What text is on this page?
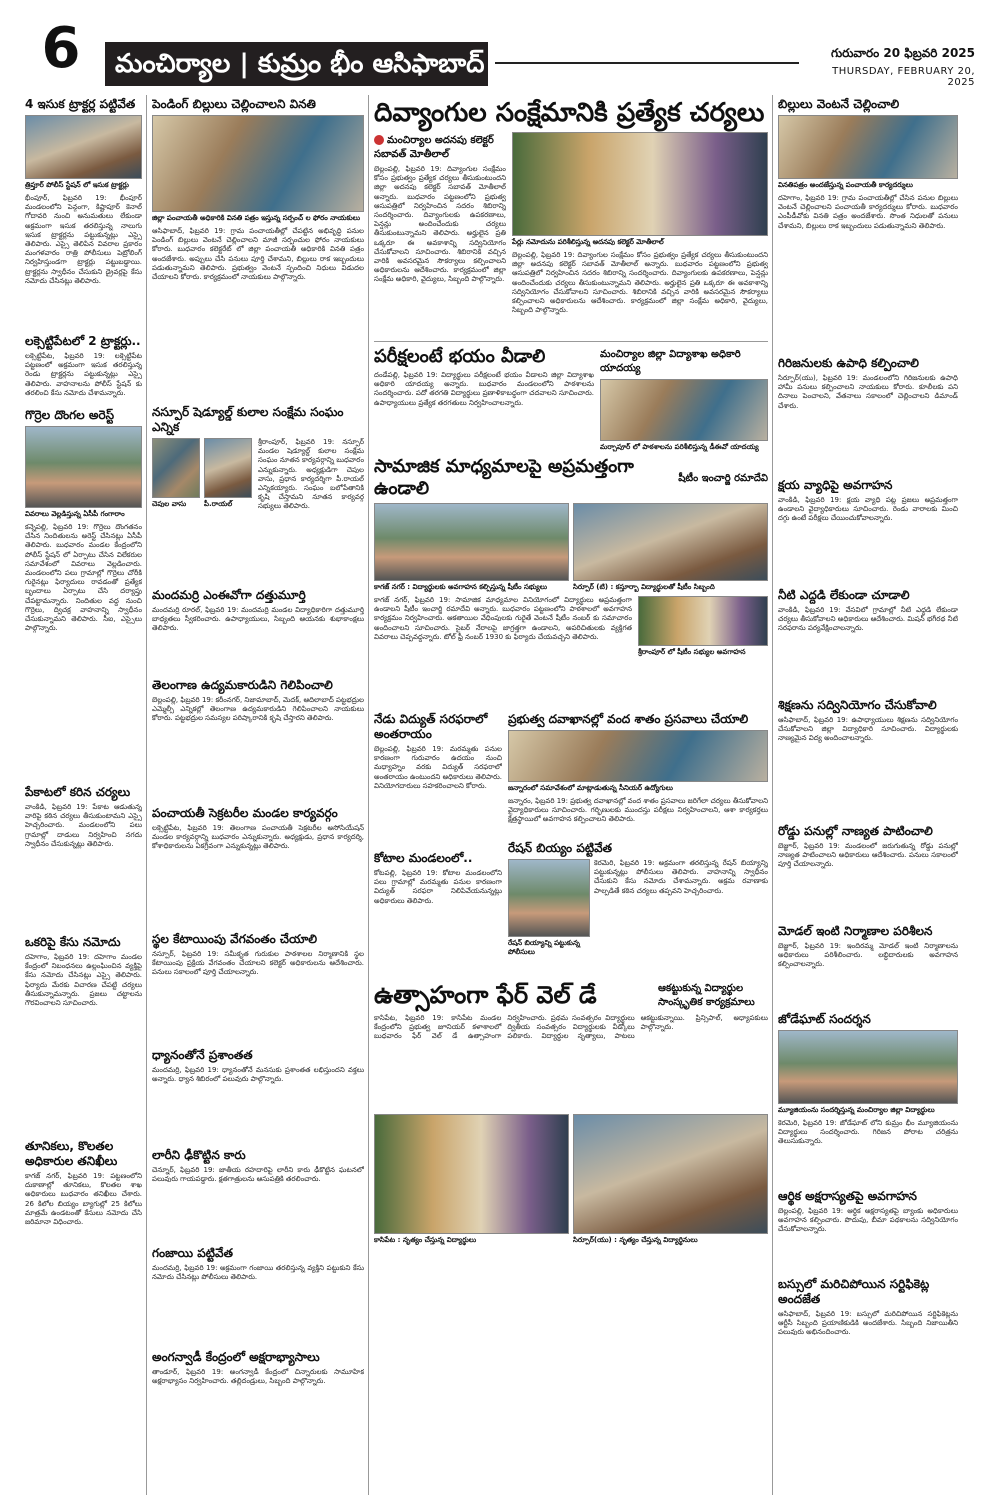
6	మంచిర్యాల | కుమ్రం భీం ఆసిఫాబాద్	గురువారం 20 ఫిబ్రవరి 2025
THURSDAY, FEBRUARY 20, 2025
4 ఇసుక ట్రాక్టర్ల పట్టివేత
త్రిప్తూర్ పోలీస్ స్టేషన్ లో ఇసుక ట్రాక్టర్లు
భీంపూర్, ఫిబ్రవరి 19: భీంపూర్ మండలంలోని పెన్గంగా, కిష్టాపూర్ కెనాల్ గోదావరి నుంచి అనుమతులు లేకుండా అక్రమంగా ఇసుక తరలిస్తున్న నాలుగు ఇసుక ట్రాక్టర్లను పట్టుకున్నట్లు ఎస్సై తెలిపారు. ఎస్సై తెలిపిన వివరాల ప్రకారం మంగళవారం రాత్రి పోలీసులు పెట్రోలింగ్ నిర్వహిస్తుండగా ట్రాక్టర్లు పట్టుబడ్డాయి. ట్రాక్టర్లను స్వాధీనం చేసుకుని డ్రైవర్లపై కేసు నమోదు చేసినట్లు తెలిపారు.
లక్సెట్టిపేటలో 2 ట్రాక్టర్లు..
లక్సెట్టిపేట, ఫిబ్రవరి 19: లక్సెట్టిపేట పట్టణంలో అక్రమంగా ఇసుక తరలిస్తున్న రెండు ట్రాక్టర్లను పట్టుకున్నట్లు ఎస్సై తెలిపారు. వాహనాలను పోలీస్ స్టేషన్ కు తరలించి కేసు నమోదు చేశామన్నారు.
గొర్రెల దొంగల అరెస్ట్
వివరాలు వెల్లడిస్తున్న ఏసీపీ గంగారాం
కన్నెపల్లి, ఫిబ్రవరి 19: గొర్రెలు దొంగతనం చేసిన నిందితులను అరెస్ట్ చేసినట్లు ఏసీపీ తెలిపారు. బుధవారం మండల కేంద్రంలోని పోలీస్ స్టేషన్ లో ఏర్పాటు చేసిన విలేకరుల సమావేశంలో వివరాలు వెల్లడించారు. మండలంలోని పలు గ్రామాల్లో గొర్రెలు చోరీకి గురైనట్లు ఫిర్యాదులు రావడంతో ప్రత్యేక బృందాలు ఏర్పాటు చేసి దర్యాప్తు చేపట్టామన్నారు. నిందితుల వద్ద నుంచి గొర్రెలు, ద్విచక్ర వాహనాన్ని స్వాధీనం చేసుకున్నామని తెలిపారు. సీఐ, ఎస్సైలు పాల్గొన్నారు.
పేకాటలో కరిన చర్యలు
వాంకిడి, ఫిబ్రవరి 19: పేకాట ఆడుతున్న వారిపై కఠిన చర్యలు తీసుకుంటామని ఎస్సై హెచ్చరించారు. మండలంలోని పలు గ్రామాల్లో దాడులు నిర్వహించి నగదు స్వాధీనం చేసుకున్నట్లు తెలిపారు.
ఒకరిపై కేసు నమోదు
దహెగాం, ఫిబ్రవరి 19: దహెగాం మండల కేంద్రంలో నిబంధనలు ఉల్లంఘించిన వ్యక్తిపై కేసు నమోదు చేసినట్లు ఎస్సై తెలిపారు. ఫిర్యాదు మేరకు విచారణ చేపట్టి చర్యలు తీసుకున్నామన్నారు. ప్రజలు చట్టాలను గౌరవించాలని సూచించారు.
తూనికలు, కొలతల అధికారుల తనిఖీలు
కాగజ్ నగర్, ఫిబ్రవరి 19: పట్టణంలోని దుకాణాల్లో తూనికలు, కొలతల శాఖ అధికారులు బుధవారం తనిఖీలు చేశారు. 26 కిలోల బియ్యం బ్యాగుల్లో 25 కిలోలు మాత్రమే ఉండటంతో కేసులు నమోదు చేసి జరిమానా విధించారు.
పెండింగ్ బిల్లులు చెల్లించాలని వినతి
జిల్లా పంచాయతీ అధికారికి వినతి పత్రం ఇస్తున్న సర్పంచ్ ల ఫోరం నాయకులు
ఆసిఫాబాద్, ఫిబ్రవరి 19: గ్రామ పంచాయతీల్లో చేపట్టిన అభివృద్ధి పనుల పెండింగ్ బిల్లులు వెంటనే చెల్లించాలని మాజీ సర్పంచుల ఫోరం నాయకులు కోరారు. బుధవారం కలెక్టరేట్ లో జిల్లా పంచాయతీ అధికారికి వినతి పత్రం అందజేశారు. అప్పులు చేసి పనులు పూర్తి చేశామని, బిల్లులు రాక ఇబ్బందులు పడుతున్నామని తెలిపారు. ప్రభుత్వం వెంటనే స్పందించి నిధులు విడుదల చేయాలని కోరారు. కార్యక్రమంలో నాయకులు పాల్గొన్నారు.
నస్పూర్ షెడ్యూల్డ్ కులాల సంక్షేమ సంఘం ఎన్నిక
చెపుల వాసు	పీ.రాయల్
శ్రీరాంపూర్, ఫిబ్రవరి 19: నస్పూర్ మండల షెడ్యూల్డ్ కులాల సంక్షేమ సంఘం నూతన కార్యవర్గాన్ని బుధవారం ఎన్నుకున్నారు. అధ్యక్షుడిగా చెపుల వాసు, ప్రధాన కార్యదర్శిగా పీ.రాయల్ ఎన్నికయ్యారు. సంఘం బలోపేతానికి కృషి చేస్తామని నూతన కార్యవర్గ సభ్యులు తెలిపారు.
మందమర్రి ఎంఈవోగా దత్తుమూర్తి
మందమర్రి రూరల్, ఫిబ్రవరి 19: మందమర్రి మండల విద్యాధికారిగా దత్తుమూర్తి బాధ్యతలు స్వీకరించారు. ఉపాధ్యాయులు, సిబ్బంది ఆయనకు శుభాకాంక్షలు తెలిపారు.
తెలంగాణ ఉద్యమకారుడిని గెలిపించాలి
బెల్లంపల్లి, ఫిబ్రవరి 19: కరీంనగర్, నిజామాబాద్, మెదక్, ఆదిలాబాద్ పట్టభద్రుల ఎమ్మెల్సీ ఎన్నికల్లో తెలంగాణ ఉద్యమకారుడిని గెలిపించాలని నాయకులు కోరారు. పట్టభద్రుల సమస్యల పరిష్కారానికి కృషి చేస్తారని తెలిపారు.
పంచాయతీ సెక్రటరీల మండల కార్యవర్గం
లక్సెట్టిపేట, ఫిబ్రవరి 19: తెలంగాణ పంచాయతీ సెక్రటరీల అసోసియేషన్ మండల కార్యవర్గాన్ని బుధవారం ఎన్నుకున్నారు. అధ్యక్షుడు, ప్రధాన కార్యదర్శి, కోశాధికారులను ఏకగ్రీవంగా ఎన్నుకున్నట్లు తెలిపారు.
స్థల కేటాయింపు వేగవంతం చేయాలి
నస్పూర్, ఫిబ్రవరి 19: సమీకృత గురుకుల పాఠశాలల నిర్మాణానికి స్థల కేటాయింపు ప్రక్రియ వేగవంతం చేయాలని కలెక్టర్ అధికారులను ఆదేశించారు. పనులు సకాలంలో పూర్తి చేయాలన్నారు.
ధ్యానంతోనే ప్రశాంతత
మందమర్రి, ఫిబ్రవరి 19: ధ్యానంతోనే మనసుకు ప్రశాంతత లభిస్తుందని వక్తలు అన్నారు. ధ్యాన శిబిరంలో పలువురు పాల్గొన్నారు.
లారీని ఢీకొట్టిన కారు
చెన్నూర్, ఫిబ్రవరి 19: జాతీయ రహదారిపై లారీని కారు ఢీకొట్టిన ఘటనలో పలువురు గాయపడ్డారు. క్షతగాత్రులను ఆసుపత్రికి తరలించారు.
గంజాయి పట్టివేత
మందమర్రి, ఫిబ్రవరి 19: అక్రమంగా గంజాయి తరలిస్తున్న వ్యక్తిని పట్టుకుని కేసు నమోదు చేసినట్లు పోలీసులు తెలిపారు.
అంగన్వాడీ కేంద్రంలో అక్షరాభ్యాసాలు
తాండూర్, ఫిబ్రవరి 19: అంగన్వాడీ కేంద్రంలో చిన్నారులకు సామూహిక అక్షరాభ్యాసం నిర్వహించారు. తల్లిదండ్రులు, సిబ్బంది పాల్గొన్నారు.
దివ్యాంగుల సంక్షేమానికి ప్రత్యేక చర్యలు
మంచిర్యాల అదనపు కలెక్టర్ సబావత్ మోతీలాల్
బెల్లంపల్లి, ఫిబ్రవరి 19: దివ్యాంగుల సంక్షేమం కోసం ప్రభుత్వం ప్రత్యేక చర్యలు తీసుకుంటుందని జిల్లా అదనపు కలెక్టర్ సబావత్ మోతీలాల్ అన్నారు. బుధవారం పట్టణంలోని ప్రభుత్వ ఆసుపత్రిలో నిర్వహించిన సదరం శిబిరాన్ని సందర్శించారు. దివ్యాంగులకు ఉపకరణాలు, పెన్షన్లు అందించేందుకు చర్యలు తీసుకుంటున్నామని తెలిపారు. అర్హులైన ప్రతి ఒక్కరూ ఈ అవకాశాన్ని సద్వినియోగం చేసుకోవాలని సూచించారు. శిబిరానికి వచ్చిన వారికి అవసరమైన సౌకర్యాలు కల్పించాలని అధికారులను ఆదేశించారు. కార్యక్రమంలో జిల్లా సంక్షేమ అధికారి, వైద్యులు, సిబ్బంది పాల్గొన్నారు.
పేర్లు నమోదును పరిశీలిస్తున్న అదనపు కలెక్టర్ మోతీలాల్
బెల్లంపల్లి, ఫిబ్రవరి 19: దివ్యాంగుల సంక్షేమం కోసం ప్రభుత్వం ప్రత్యేక చర్యలు తీసుకుంటుందని జిల్లా అదనపు కలెక్టర్ సబావత్ మోతీలాల్ అన్నారు. బుధవారం పట్టణంలోని ప్రభుత్వ ఆసుపత్రిలో నిర్వహించిన సదరం శిబిరాన్ని సందర్శించారు. దివ్యాంగులకు ఉపకరణాలు, పెన్షన్లు అందించేందుకు చర్యలు తీసుకుంటున్నామని తెలిపారు. అర్హులైన ప్రతి ఒక్కరూ ఈ అవకాశాన్ని సద్వినియోగం చేసుకోవాలని సూచించారు. శిబిరానికి వచ్చిన వారికి అవసరమైన సౌకర్యాలు కల్పించాలని అధికారులను ఆదేశించారు. కార్యక్రమంలో జిల్లా సంక్షేమ అధికారి, వైద్యులు, సిబ్బంది పాల్గొన్నారు.
పరీక్షలంటే భయం వీడాలి
దండేపల్లి, ఫిబ్రవరి 19: విద్యార్థులు పరీక్షలంటే భయం వీడాలని జిల్లా విద్యాశాఖ అధికారి యాదయ్య అన్నారు. బుధవారం మండలంలోని పాఠశాలను సందర్శించారు. పదో తరగతి విద్యార్థులు ప్రణాళికాబద్ధంగా చదవాలని సూచించారు. ఉపాధ్యాయులు ప్రత్యేక తరగతులు నిర్వహించాలన్నారు.
మంచిర్యాల జిల్లా విద్యాశాఖ అధికారి యాదయ్య
మర్చాపూర్ లో పాఠశాలను పరిశీలిస్తున్న డీఈవో యాదయ్య
సామాజిక మాధ్యమాలపై అప్రమత్తంగా ఉండాలి	షీటీం ఇంచార్జి రమాదేవి
కాగజ్ నగర్ : విద్యార్థులకు అవగాహన కల్పిస్తున్న షీటీం సభ్యులు	సిర్పూర్ (టి) : కస్తూర్బా విద్యార్థులతో షీటీం సిబ్బంది
కాగజ్ నగర్, ఫిబ్రవరి 19: సామాజిక మాధ్యమాల వినియోగంలో విద్యార్థులు అప్రమత్తంగా ఉండాలని షీటీం ఇంచార్జి రమాదేవి అన్నారు. బుధవారం పట్టణంలోని పాఠశాలలో అవగాహన కార్యక్రమం నిర్వహించారు. ఆకతాయిల వేధింపులకు గురైతే వెంటనే షీటీం నంబర్ కు సమాచారం అందించాలని సూచించారు. సైబర్ నేరాలపై జాగ్రత్తగా ఉండాలని, అపరిచితులకు వ్యక్తిగత వివరాలు చెప్పవద్దన్నారు. టోల్ ఫ్రీ నంబర్ 1930 కు ఫిర్యాదు చేయవచ్చని తెలిపారు.
శ్రీరాంపూర్ లో షీటీం సభ్యుల అవగాహన
నేడు విద్యుత్ సరఫరాలో అంతరాయం
బెల్లంపల్లి, ఫిబ్రవరి 19: మరమ్మతు పనుల కారణంగా గురువారం ఉదయం నుంచి మధ్యాహ్నం వరకు విద్యుత్ సరఫరాలో అంతరాయం ఉంటుందని అధికారులు తెలిపారు. వినియోగదారులు సహకరించాలని కోరారు.
కోటాల మండలంలో..
కోటపల్లి, ఫిబ్రవరి 19: కోటాల మండలంలోని పలు గ్రామాల్లో మరమ్మతు పనుల కారణంగా విద్యుత్ సరఫరా నిలిపివేయనున్నట్లు అధికారులు తెలిపారు.
ప్రభుత్వ దవాఖానల్లో వంద శాతం ప్రసవాలు చేయాలి
జన్నారంలో సమావేశంలో మాట్లాడుతున్న సీనియర్ ఉద్యోగులు
జన్నారం, ఫిబ్రవరి 19: ప్రభుత్వ దవాఖానల్లో వంద శాతం ప్రసవాలు జరిగేలా చర్యలు తీసుకోవాలని వైద్యాధికారులు సూచించారు. గర్భిణులకు ముందస్తు పరీక్షలు నిర్వహించాలని, ఆశా కార్యకర్తలు క్షేత్రస్థాయిలో అవగాహన కల్పించాలని తెలిపారు.
రేషన్ బియ్యం పట్టివేత
రేషన్ బియ్యాన్ని పట్టుకున్న పోలీసులు
కెరమెరి, ఫిబ్రవరి 19: అక్రమంగా తరలిస్తున్న రేషన్ బియ్యాన్ని పట్టుకున్నట్లు పోలీసులు తెలిపారు. వాహనాన్ని స్వాధీనం చేసుకుని కేసు నమోదు చేశామన్నారు. అక్రమ రవాణాకు పాల్పడితే కఠిన చర్యలు తప్పవని హెచ్చరించారు.
ఉత్సాహంగా ఫేర్ వెల్ డే	ఆకట్టుకున్న విద్యార్థుల సాంస్కృతిక కార్యక్రమాలు
కాసిపేట, ఫిబ్రవరి 19: కాసిపేట మండల కేంద్రంలోని ప్రభుత్వ జూనియర్ కళాశాలలో బుధవారం ఫేర్ వెల్ డే ఉత్సాహంగా నిర్వహించారు. ప్రథమ సంవత్సరం విద్యార్థులు ద్వితీయ సంవత్సరం విద్యార్థులకు వీడ్కోలు పలికారు. విద్యార్థుల నృత్యాలు, పాటలు ఆకట్టుకున్నాయి. ప్రిన్సిపాల్, అధ్యాపకులు పాల్గొన్నారు.
కాసిపేట : నృత్యం చేస్తున్న విద్యార్థులు	సిర్పూర్(యు) : నృత్యం చేస్తున్న విద్యార్థినులు
బిల్లులు వెంటనే చెల్లించాలి
వినతిపత్రం అందజేస్తున్న పంచాయతీ కార్యదర్శులు
దహెగాం, ఫిబ్రవరి 19: గ్రామ పంచాయతీల్లో చేసిన పనుల బిల్లులు వెంటనే చెల్లించాలని పంచాయతీ కార్యదర్శులు కోరారు. బుధవారం ఎంపీడీవోకు వినతి పత్రం అందజేశారు. సొంత నిధులతో పనులు చేశామని, బిల్లులు రాక ఇబ్బందులు పడుతున్నామని తెలిపారు.
గిరిజనులకు ఉపాధి కల్పించాలి
సిర్పూర్(యు), ఫిబ్రవరి 19: మండలంలోని గిరిజనులకు ఉపాధి హామీ పనులు కల్పించాలని నాయకులు కోరారు. కూలీలకు పని దినాలు పెంచాలని, వేతనాలు సకాలంలో చెల్లించాలని డిమాండ్ చేశారు.
క్షయ వ్యాధిపై అవగాహన
వాంకిడి, ఫిబ్రవరి 19: క్షయ వ్యాధి పట్ల ప్రజలు అప్రమత్తంగా ఉండాలని వైద్యాధికారులు సూచించారు. రెండు వారాలకు మించి దగ్గు ఉంటే పరీక్షలు చేయించుకోవాలన్నారు.
నీటి ఎద్దడి లేకుండా చూడాలి
వాంకిడి, ఫిబ్రవరి 19: వేసవిలో గ్రామాల్లో నీటి ఎద్దడి లేకుండా చర్యలు తీసుకోవాలని అధికారులు ఆదేశించారు. మిషన్ భగీరథ నీటి సరఫరాను పర్యవేక్షించాలన్నారు.
శిక్షణను సద్వినియోగం చేసుకోవాలి
ఆసిఫాబాద్, ఫిబ్రవరి 19: ఉపాధ్యాయులు శిక్షణను సద్వినియోగం చేసుకోవాలని జిల్లా విద్యాధికారి సూచించారు. విద్యార్థులకు నాణ్యమైన విద్య అందించాలన్నారు.
రోడ్డు పనుల్లో నాణ్యత పాటించాలి
బెజ్జూర్, ఫిబ్రవరి 19: మండలంలో జరుగుతున్న రోడ్డు పనుల్లో నాణ్యత పాటించాలని అధికారులు ఆదేశించారు. పనులు సకాలంలో పూర్తి చేయాలన్నారు.
మోడల్ ఇంటి నిర్మాణాల పరిశీలన
బెజ్జూర్, ఫిబ్రవరి 19: ఇందిరమ్మ మోడల్ ఇంటి నిర్మాణాలను అధికారులు పరిశీలించారు. లబ్ధిదారులకు అవగాహన కల్పించాలన్నారు.
జోడేఘాట్ సందర్శన
మ్యూజియంను సందర్శిస్తున్న మంచిర్యాల జిల్లా విద్యార్థులు
కెరమెరి, ఫిబ్రవరి 19: జోడేఘాట్ లోని కుమ్రం భీం మ్యూజియంను విద్యార్థులు సందర్శించారు. గిరిజన పోరాట చరిత్రను తెలుసుకున్నారు.
ఆర్థిక అక్షరాస్యతపై అవగాహన
బెల్లంపల్లి, ఫిబ్రవరి 19: ఆర్థిక అక్షరాస్యతపై బ్యాంకు అధికారులు అవగాహన కల్పించారు. పొదుపు, బీమా పథకాలను సద్వినియోగం చేసుకోవాలన్నారు.
బస్సులో మరిచిపోయిన సర్టిఫికెట్ల అందజేత
ఆసిఫాబాద్, ఫిబ్రవరి 19: బస్సులో మరిచిపోయిన సర్టిఫికెట్లను ఆర్టీసీ సిబ్బంది ప్రయాణికుడికి అందజేశారు. సిబ్బంది నిజాయితీని పలువురు అభినందించారు.
